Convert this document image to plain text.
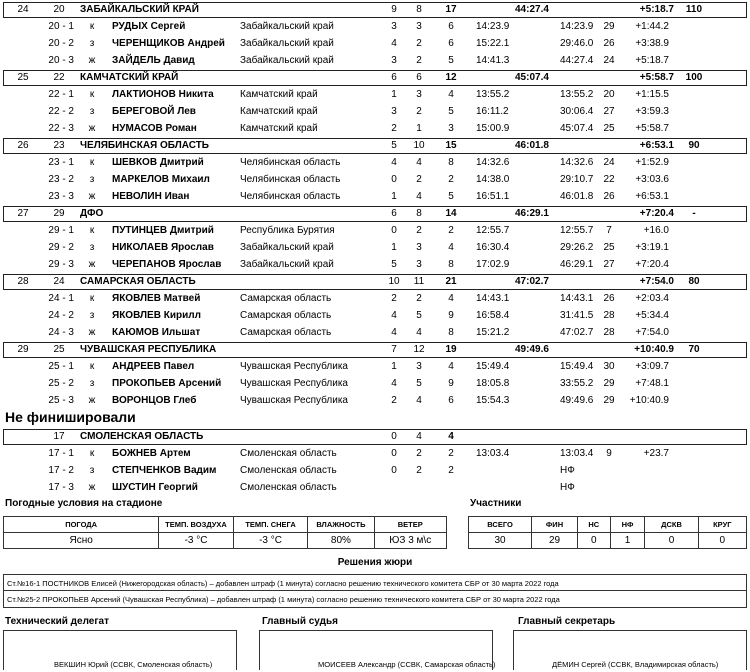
24	20	ЗАБАЙКАЛЬСКИЙ КРАЙ	9	8	17	44:27.4	+5:18.7	110
20 - 1	к	РУДЫХ Сергей	Забайкальский край	3	3	6	14:23.9	14:23.9	29	+1:44.2
20 - 2	з	ЧЕРЕНЩИКОВ Андрей	Забайкальский край	4	2	6	15:22.1	29:46.0	26	+3:38.9
20 - 3	ж	ЗАЙДЕЛЬ Давид	Забайкальский край	3	2	5	14:41.3	44:27.4	24	+5:18.7
25	22	КАМЧАТСКИЙ КРАЙ	6	6	12	45:07.4	+5:58.7	100
22 - 1	к	ЛАКТИОНОВ Никита	Камчатский край	1	3	4	13:55.2	13:55.2	20	+1:15.5
22 - 2	з	БЕРЕГОВОЙ Лев	Камчатский край	3	2	5	16:11.2	30:06.4	27	+3:59.3
22 - 3	ж	НУМАСОВ Роман	Камчатский край	2	1	3	15:00.9	45:07.4	25	+5:58.7
26	23	ЧЕЛЯБИНСКАЯ ОБЛАСТЬ	5	10	15	46:01.8	+6:53.1	90
23 - 1	к	ШЕВКОВ Дмитрий	Челябинская область	4	4	8	14:32.6	14:32.6	24	+1:52.9
23 - 2	з	МАРКЕЛОВ Михаил	Челябинская область	0	2	2	14:38.0	29:10.7	22	+3:03.6
23 - 3	ж	НЕВОЛИН Иван	Челябинская область	1	4	5	16:51.1	46:01.8	26	+6:53.1
27	29	ДФО	6	8	14	46:29.1	+7:20.4	-
29 - 1	к	ПУТИНЦЕВ Дмитрий	Республика Бурятия	0	2	2	12:55.7	12:55.7	7	+16.0
29 - 2	з	НИКОЛАЕВ Ярослав	Забайкальский край	1	3	4	16:30.4	29:26.2	25	+3:19.1
29 - 3	ж	ЧЕРЕПАНОВ Ярослав	Забайкальский край	5	3	8	17:02.9	46:29.1	27	+7:20.4
28	24	САМАРСКАЯ ОБЛАСТЬ	10	11	21	47:02.7	+7:54.0	80
24 - 1	к	ЯКОВЛЕВ Матвей	Самарская область	2	2	4	14:43.1	14:43.1	26	+2:03.4
24 - 2	з	ЯКОВЛЕВ Кирилл	Самарская область	4	5	9	16:58.4	31:41.5	28	+5:34.4
24 - 3	ж	КАЮМОВ Ильшат	Самарская область	4	4	8	15:21.2	47:02.7	28	+7:54.0
29	25	ЧУВАШСКАЯ РЕСПУБЛИКА	7	12	19	49:49.6	+10:40.9	70
25 - 1	к	АНДРЕЕВ Павел	Чувашская Республика	1	3	4	15:49.4	15:49.4	30	+3:09.7
25 - 2	з	ПРОКОПЬЕВ Арсений	Чувашская Республика	4	5	9	18:05.8	33:55.2	29	+7:48.1
25 - 3	ж	ВОРОНЦОВ Глеб	Чувашская Республика	2	4	6	15:54.3	49:49.6	29	+10:40.9
Не финишировали
17	СМОЛЕНСКАЯ ОБЛАСТЬ	0	4	4
17 - 1	к	БОЖНЕВ Артем	Смоленская область	0	2	2	13:03.4	13:03.4	9	+23.7
17 - 2	з	СТЕПЧЕНКОВ Вадим	Смоленская область	0	2	2	НФ
17 - 3	ж	ШУСТИН Георгий	Смоленская область	НФ
Погодные условия на стадионе
ПОГОДА	ТЕМП. ВОЗДУХА	ТЕМП. СНЕГА	ВЛАЖНОСТЬ	ВЕТЕР
Ясно	-3 °C	-3 °C	80%	ЮЗ 3 м\с
Участники
ВСЕГО	ФИН	НС	НФ	ДСКВ	КРУГ
30	29	0	1	0	0
Решения жюри
Ст.№16-1 ПОСТНИКОВ Елисей (Нижегородская область) – добавлен штраф (1 минута) согласно решению технического комитета СБР от 30 марта 2022 года
Ст.№25-2 ПРОКОПЬЕВ Арсений (Чувашская Республика) – добавлен штраф (1 минута) согласно решению технического комитета СБР от 30 марта 2022 года
Технический делегат	Главный судья	Главный секретарь
ВЕКШИН Юрий (ССВК, Смоленская область)	МОИСЕЕВ Александр (ССВК, Самарская область)	ДЁМИН Сергей (ССВК, Владимирская область)
